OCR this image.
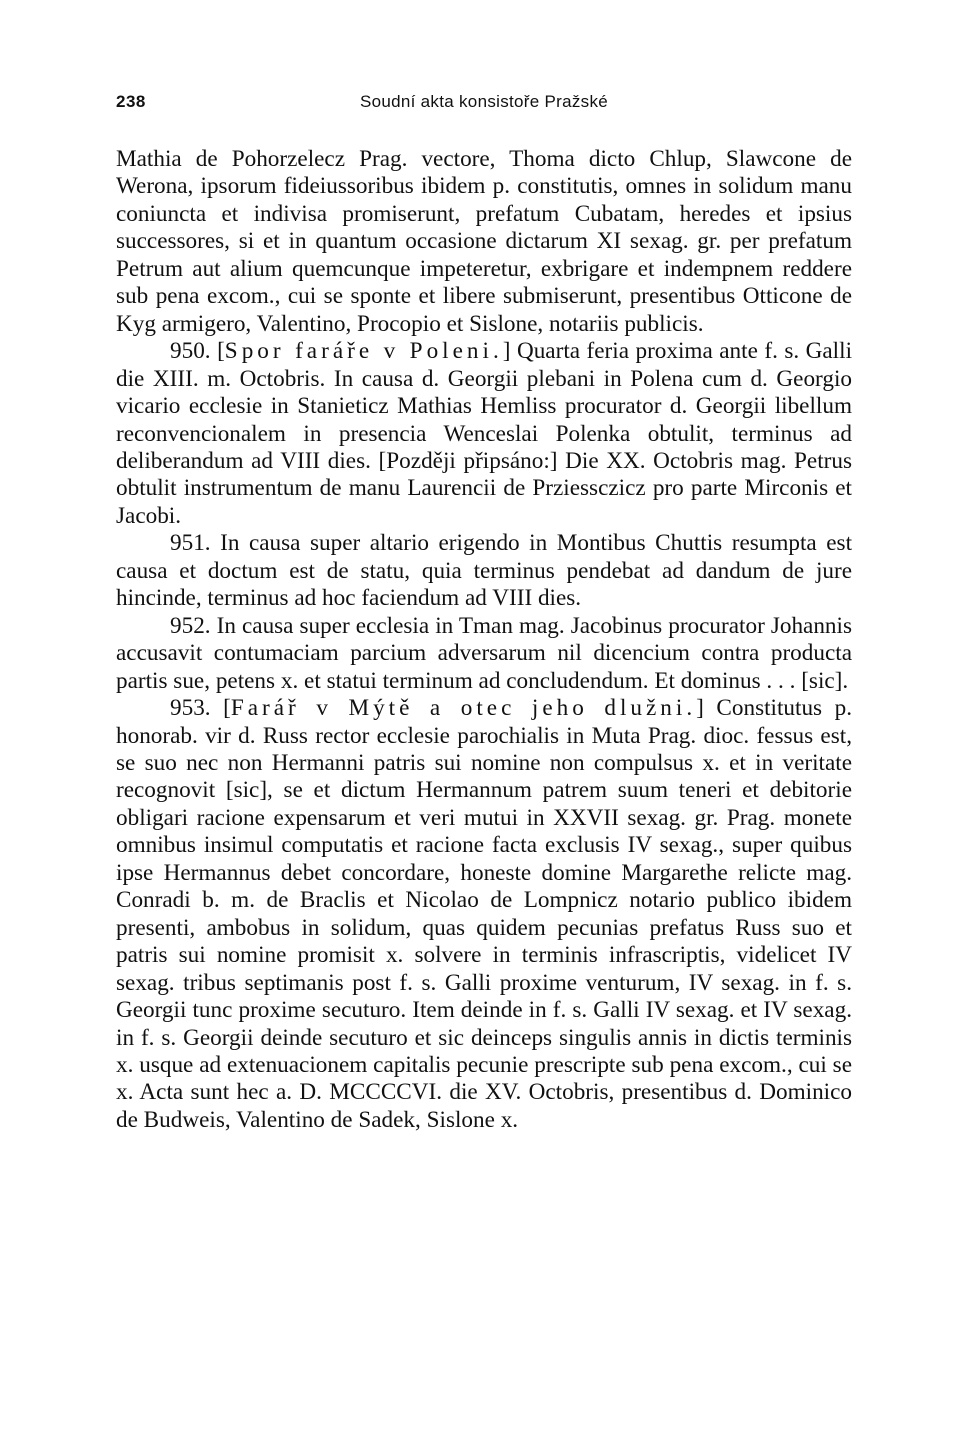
238	Soudní akta konsistoře Pražské

Mathia de Pohorzelecz Prag. vectore, Thoma dicto Chlup, Slawcone de Werona, ipsorum fideiussoribus ibidem p. constitutis, omnes in solidum manu coniuncta et indivisa promiserunt, prefatum Cubatam, heredes et ipsius successores, si et in quantum occasione dictarum XI sexag. gr. per prefatum Petrum aut alium quemcunque impeteretur, exbrigare et indempnem reddere sub pena excom., cui se sponte et libere submiserunt, presentibus Otticone de Kyg armigero, Valentino, Procopio et Sislone, notariis publicis.

950. [Spor faráře v Poleni.] Quarta feria proxima ante f. s. Galli die XIII. m. Octobris. In causa d. Georgii plebani in Polena cum d. Georgio vicario ecclesie in Stanieticz Mathias Hemliss procurator d. Georgii libellum reconvencionalem in presencia Wenceslai Polenka obtulit, terminus ad deliberandum ad VIII dies. [Později připsáno:] Die XX. Octobris mag. Petrus obtulit instrumentum de manu Laurencii de Prziessczicz pro parte Mirconis et Jacobi.

951. In causa super altario erigendo in Montibus Chuttis resumpta est causa et doctum est de statu, quia terminus pendebat ad dandum de jure hincinde, terminus ad hoc faciendum ad VIII dies.

952. In causa super ecclesia in Tman mag. Jacobinus procurator Johannis accusavit contumaciam parcium adversarum nil dicencium contra producta partis sue, petens x. et statui terminum ad concludendum. Et dominus . . . [sic].

953. [Farář v Mýtě a otec jeho dlužni.] Constitutus p. honorab. vir d. Russ rector ecclesie parochialis in Muta Prag. dioc. fessus est, se suo nec non Hermanni patris sui nomine non compulsus x. et in veritate recognovit [sic], se et dictum Hermannum patrem suum teneri et debitorie obligari racione expensarum et veri mutui in XXVII sexag. gr. Prag. monete omnibus insimul computatis et racione facta exclusis IV sexag., super quibus ipse Hermannus debet concordare, honeste domine Margarethe relicte mag. Conradi b. m. de Braclis et Nicolao de Lompnicz notario publico ibidem presenti, ambobus in solidum, quas quidem pecunias prefatus Russ suo et patris sui nomine promisit x. solvere in terminis infrascriptis, videlicet IV sexag. tribus septimanis post f. s. Galli proxime venturum, IV sexag. in f. s. Georgii tunc proxime secuturo. Item deinde in f. s. Galli IV sexag. et IV sexag. in f. s. Georgii deinde secuturo et sic deinceps singulis annis in dictis terminis x. usque ad extenuacionem capitalis pecunie prescripte sub pena excom., cui se x. Acta sunt hec a. D. MCCCCVI. die XV. Octobris, presentibus d. Dominico de Budweis, Valentino de Sadek, Sislone x.
